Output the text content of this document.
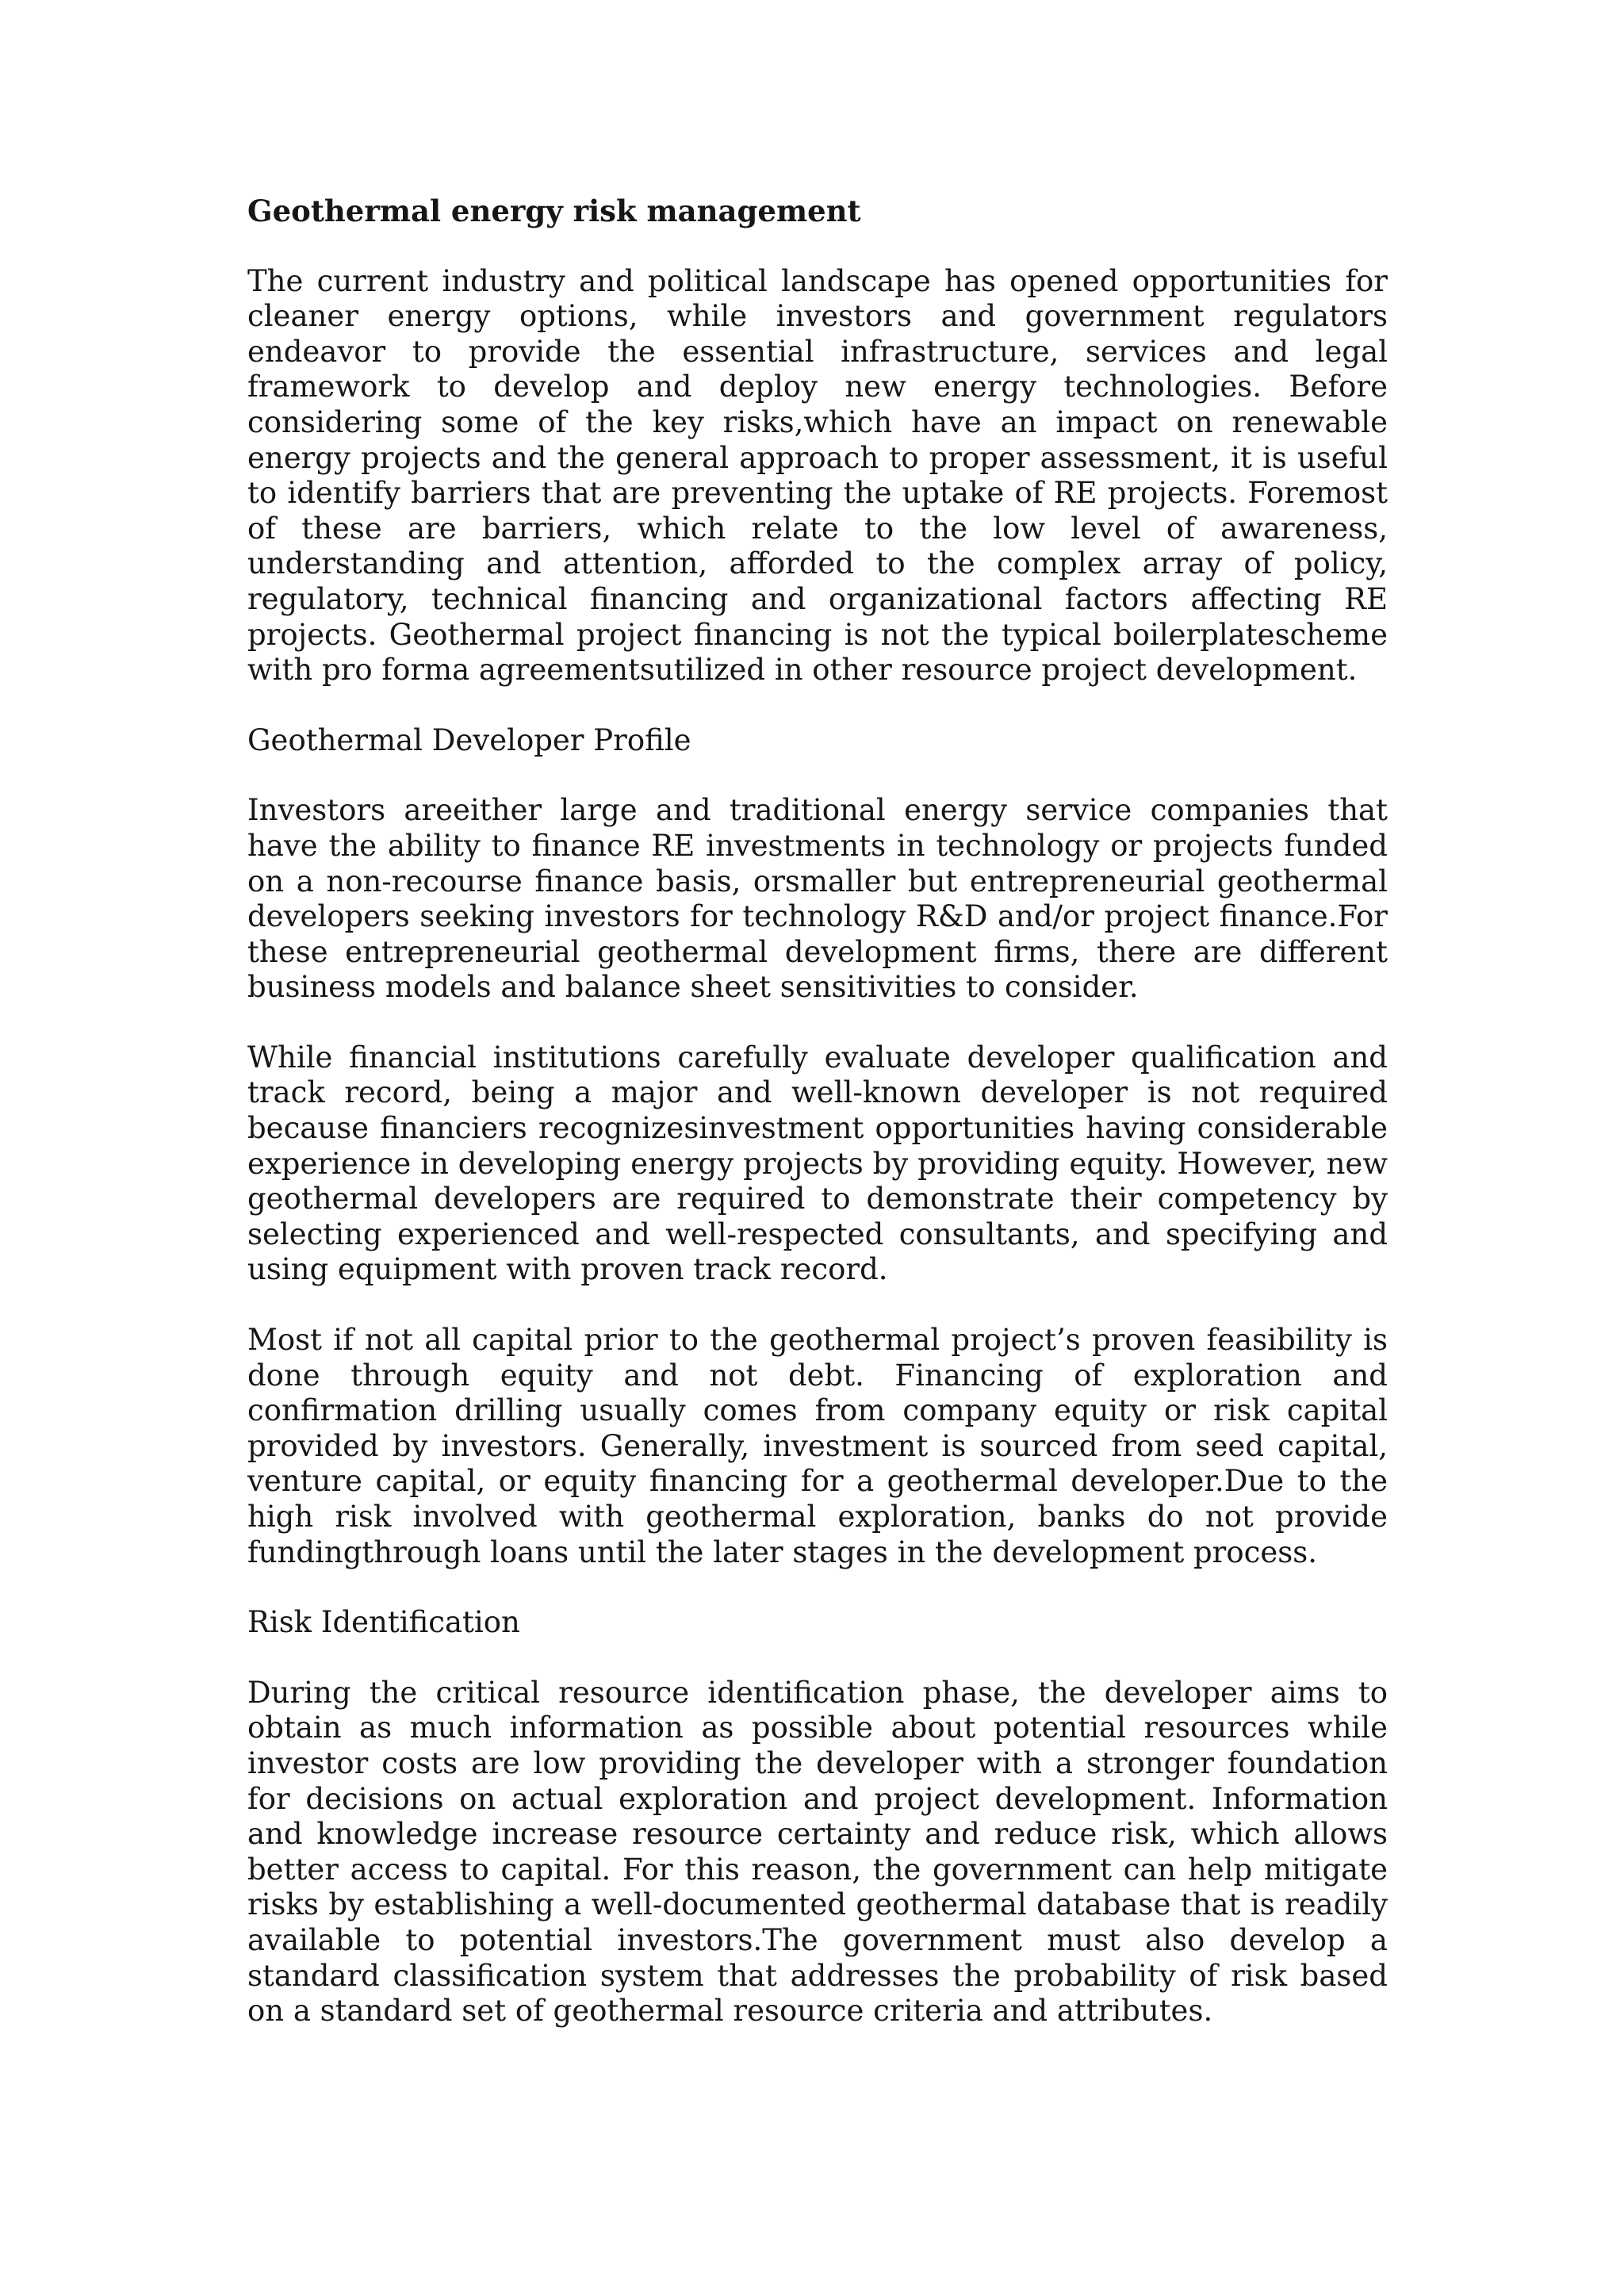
Geothermal energy risk management
The current industry and political landscape has opened opportunities for cleaner energy options, while investors and government regulators endeavor to provide the essential infrastructure, services and legal framework to develop and deploy new energy technologies. Before considering some of the key risks,which have an impact on renewable energy projects and the general approach to proper assessment, it is useful to identify barriers that are preventing the uptake of RE projects. Foremost of these are barriers, which relate to the low level of awareness, understanding and attention, afforded to the complex array of policy, regulatory, technical financing and organizational factors affecting RE projects. Geothermal project financing is not the typical boilerplatescheme with pro forma agreementsutilized in other resource project development.
Geothermal Developer Profile
Investors areeither large and traditional energy service companies that have the ability to finance RE investments in technology or projects funded on a non-recourse finance basis, orsmaller but entrepreneurial geothermal developers seeking investors for technology R&D and/or project finance.For these entrepreneurial geothermal development firms, there are different business models and balance sheet sensitivities to consider.
While financial institutions carefully evaluate developer qualification and track record, being a major and well-known developer is not required because financiers recognizesinvestment opportunities having considerable experience in developing energy projects by providing equity. However, new geothermal developers are required to demonstrate their competency by selecting experienced and well-respected consultants, and specifying and using equipment with proven track record.
Most if not all capital prior to the geothermal project’s proven feasibility is done through equity and not debt. Financing of exploration and confirmation drilling usually comes from company equity or risk capital provided by investors. Generally, investment is sourced from seed capital, venture capital, or equity financing for a geothermal developer.Due to the high risk involved with geothermal exploration, banks do not provide fundingthrough loans until the later stages in the development process.
Risk Identification
During the critical resource identification phase, the developer aims to obtain as much information as possible about potential resources while investor costs are low providing the developer with a stronger foundation for decisions on actual exploration and project development. Information and knowledge increase resource certainty and reduce risk, which allows better access to capital. For this reason, the government can help mitigate risks by establishing a well-documented geothermal database that is readily available to potential investors.The government must also develop a standard classification system that addresses the probability of risk based on a standard set of geothermal resource criteria and attributes.
